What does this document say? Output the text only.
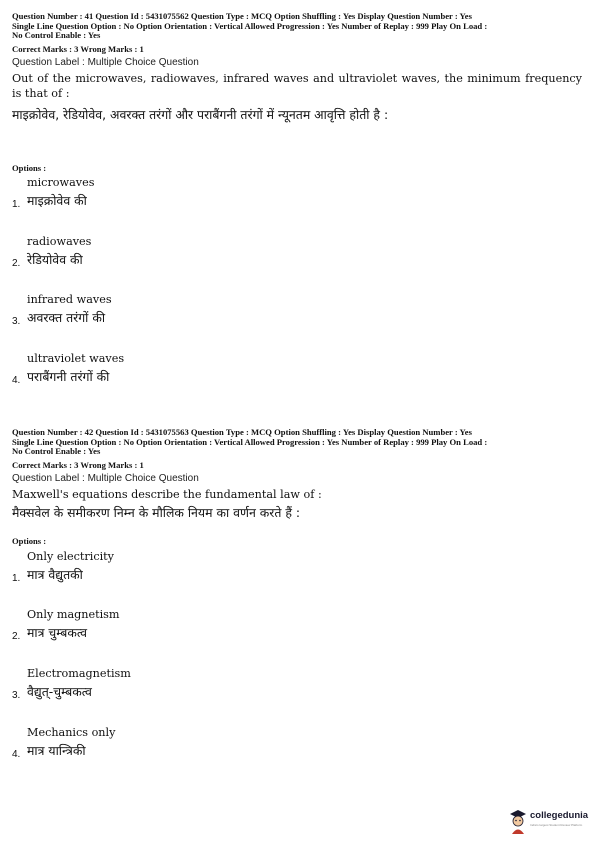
Question Number : 41 Question Id : 5431075562 Question Type : MCQ Option Shuffling : Yes Display Question Number : Yes
Single Line Question Option : No Option Orientation : Vertical Allowed Progression : Yes Number of Replay : 999 Play On Load :
No Control Enable : Yes
Correct Marks : 3 Wrong Marks : 1
Question Label : Multiple Choice Question
Out of the microwaves, radiowaves, infrared waves and ultraviolet waves, the minimum frequency is that of :
माइक्रोवेव, रेडियोवेव, अवरक्त तरंगों और पराबैंगनी तरंगों में न्यूनतम आवृत्ति होती है :
Options :
microwaves
माइक्रोवेव की
1.
radiowaves
रेडियोवेव की
2.
infrared waves
अवरक्त तरंगों की
3.
ultraviolet waves
पराबैंगनी तरंगों की
4.
Question Number : 42 Question Id : 5431075563 Question Type : MCQ Option Shuffling : Yes Display Question Number : Yes
Single Line Question Option : No Option Orientation : Vertical Allowed Progression : Yes Number of Replay : 999 Play On Load :
No Control Enable : Yes
Correct Marks : 3 Wrong Marks : 1
Question Label : Multiple Choice Question
Maxwell's equations describe the fundamental law of :
मैक्सवेल के समीकरण निम्न के मौलिक नियम का वर्णन करते हैं :
Options :
Only electricity
मात्र वैद्युतकी
1.
Only magnetism
मात्र चुम्बकत्व
2.
Electromagnetism
वैद्युत्-चुम्बकत्व
3.
Mechanics only
मात्र यान्त्रिकी
4.
collegedunia
India's largest Student Review Platform
